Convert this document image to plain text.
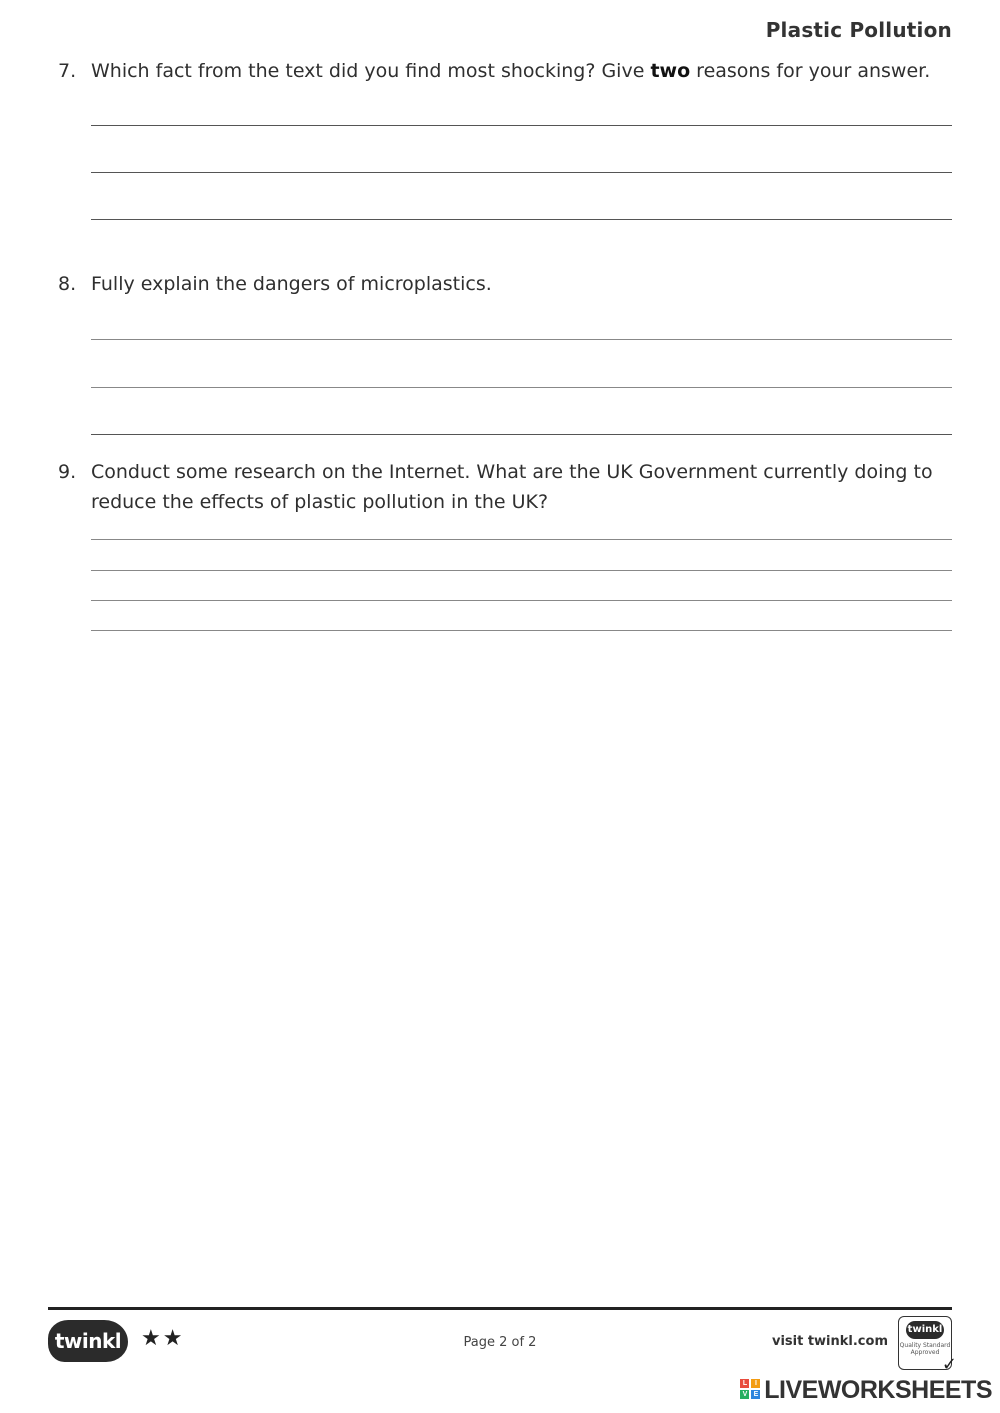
Plastic Pollution
7. Which fact from the text did you find most shocking? Give two reasons for your answer.
8. Fully explain the dangers of microplastics.
9. Conduct some research on the Internet. What are the UK Government currently doing to
reduce the effects of plastic pollution in the UK?
twinkl ★★	Page 2 of 2	visit twinkl.com
twinkl
Quality Standard Approved
✓
L	I
V E LIVEWORKSHEETS
